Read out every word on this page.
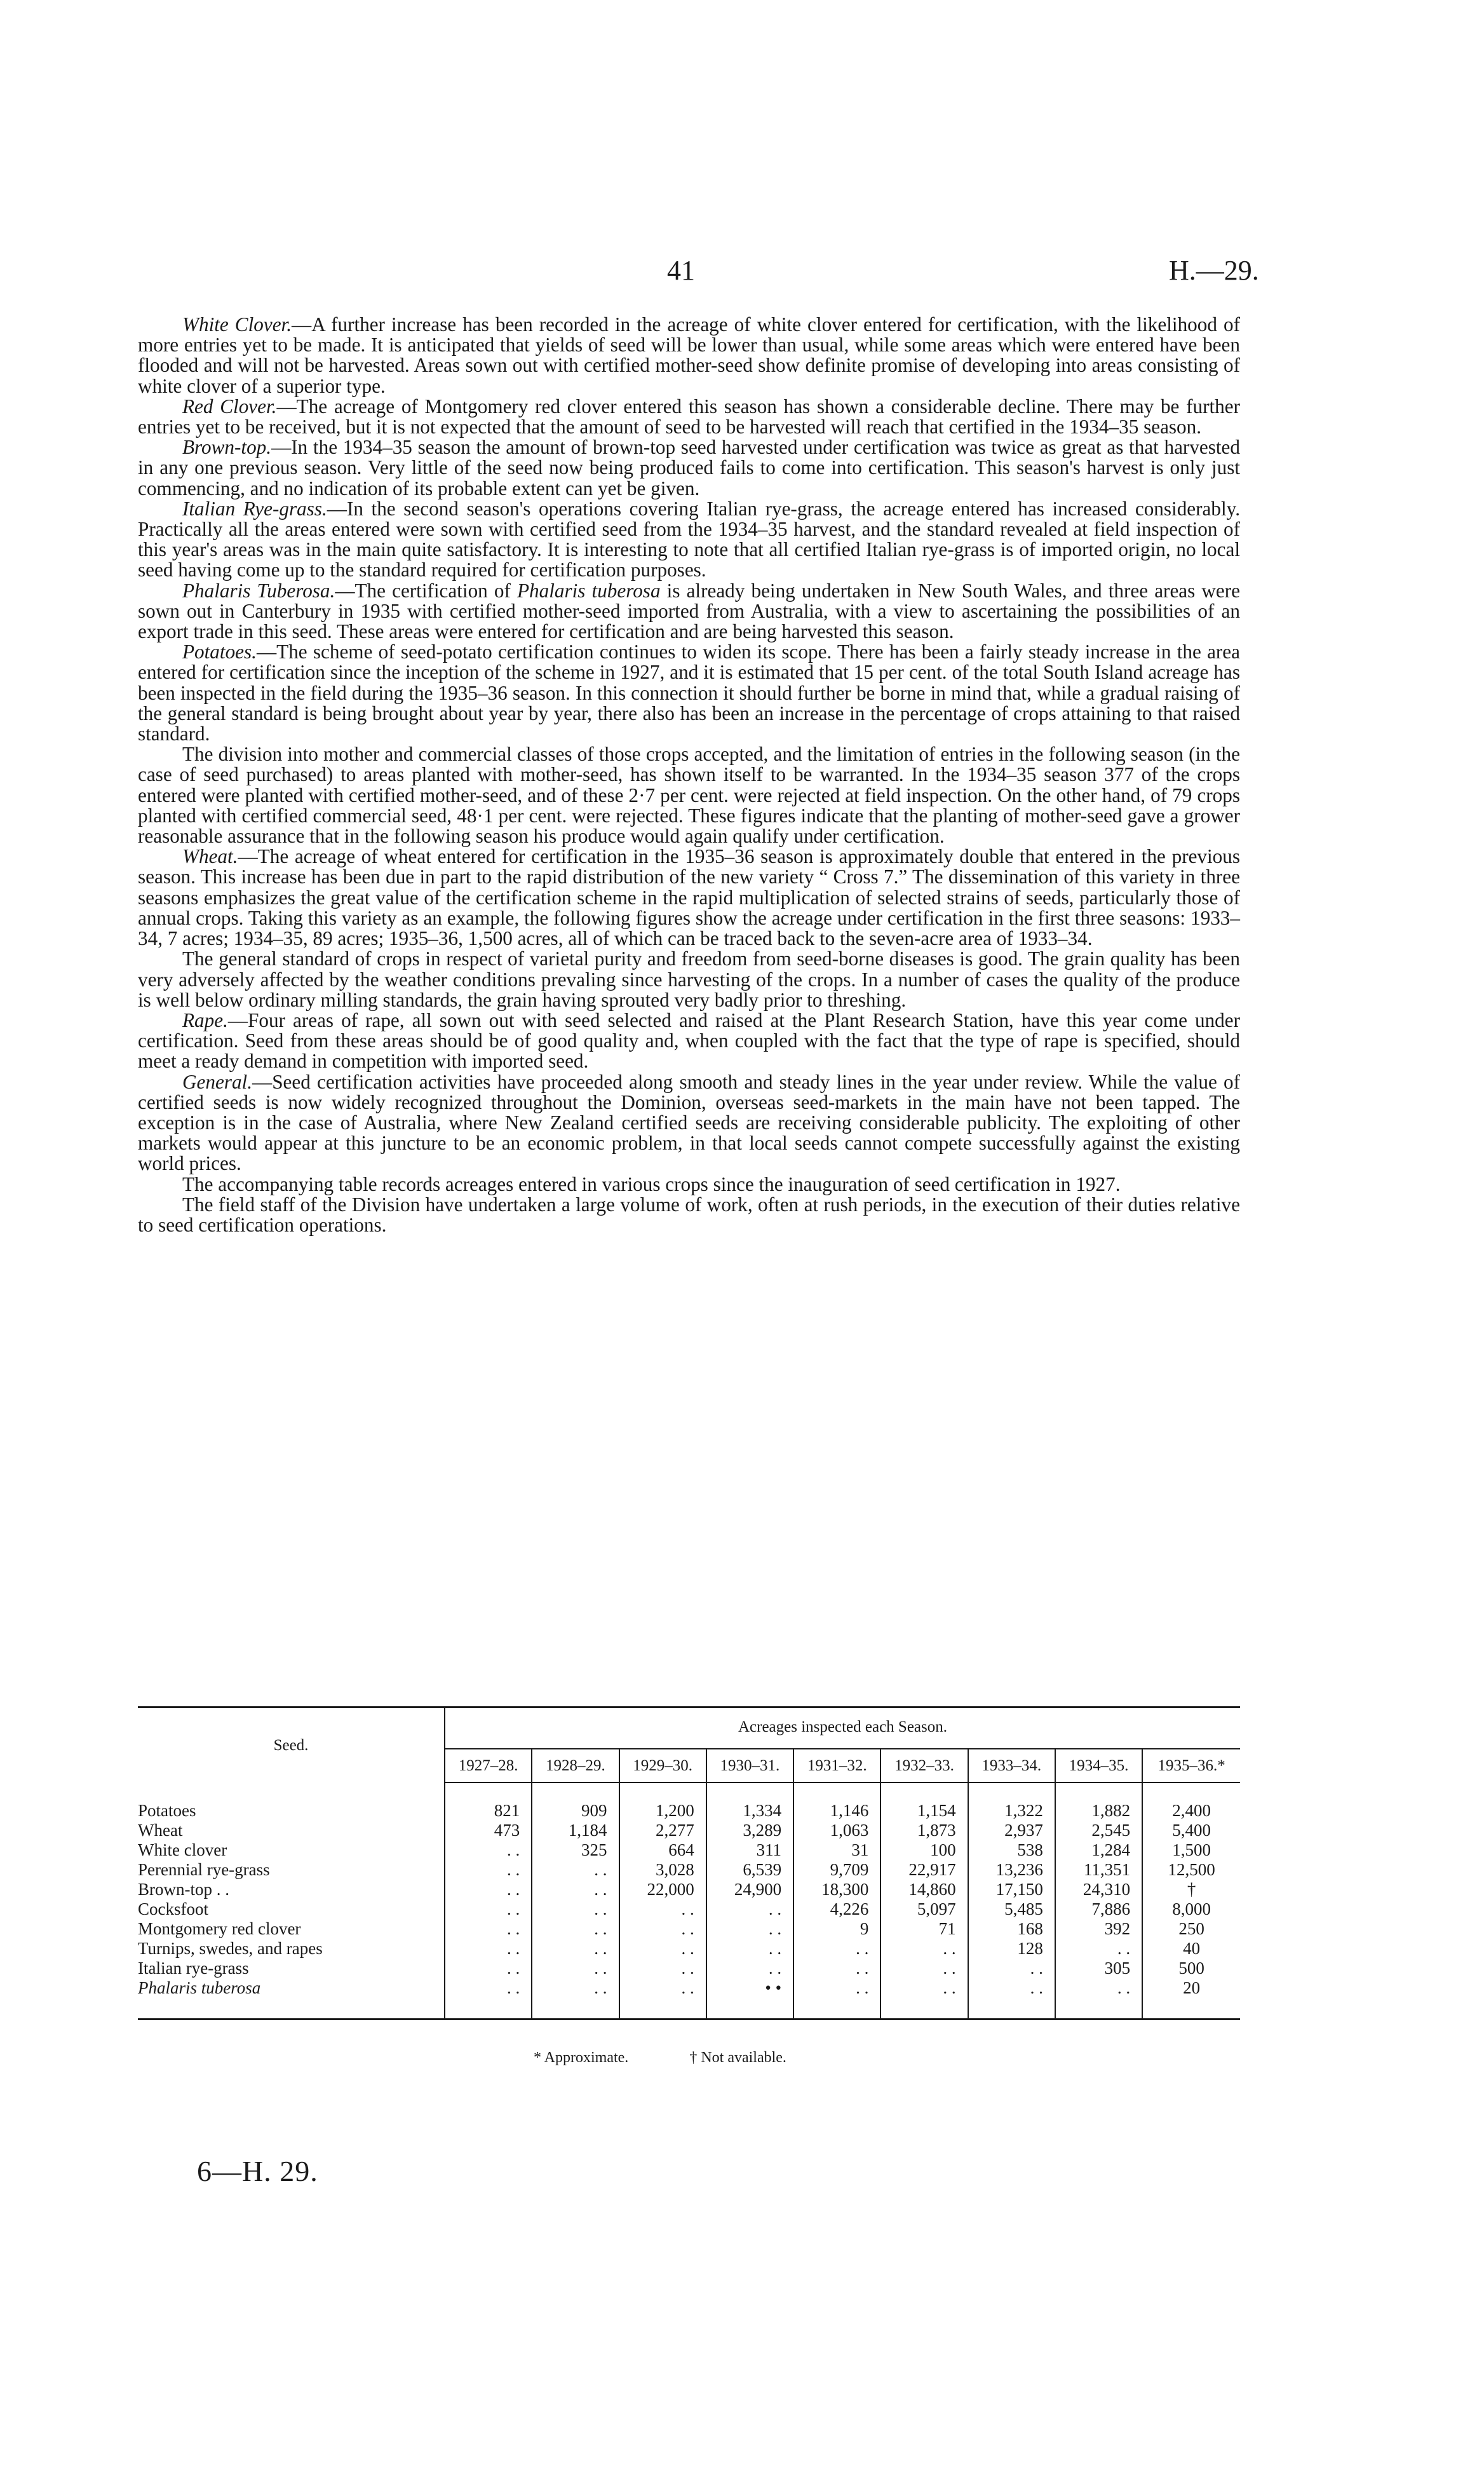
41	H.—29.

White Clover.—A further increase has been recorded in the acreage of white clover entered for certification, with the likelihood of more entries yet to be made. It is anticipated that yields of seed will be lower than usual, while some areas which were entered have been flooded and will not be harvested. Areas sown out with certified mother-seed show definite promise of developing into areas consisting of white clover of a superior type.

Red Clover.—The acreage of Montgomery red clover entered this season has shown a considerable decline. There may be further entries yet to be received, but it is not expected that the amount of seed to be harvested will reach that certified in the 1934–35 season.

Brown-top.—In the 1934–35 season the amount of brown-top seed harvested under certification was twice as great as that harvested in any one previous season. Very little of the seed now being produced fails to come into certification. This season's harvest is only just commencing, and no indication of its probable extent can yet be given.

Italian Rye-grass.—In the second season's operations covering Italian rye-grass, the acreage entered has increased considerably. Practically all the areas entered were sown with certified seed from the 1934–35 harvest, and the standard revealed at field inspection of this year's areas was in the main quite satisfactory. It is interesting to note that all certified Italian rye-grass is of imported origin, no local seed having come up to the standard required for certification purposes.

Phalaris Tuberosa.—The certification of Phalaris tuberosa is already being undertaken in New South Wales, and three areas were sown out in Canterbury in 1935 with certified mother-seed imported from Australia, with a view to ascertaining the possibilities of an export trade in this seed. These areas were entered for certification and are being harvested this season.

Potatoes.—The scheme of seed-potato certification continues to widen its scope. There has been a fairly steady increase in the area entered for certification since the inception of the scheme in 1927, and it is estimated that 15 per cent. of the total South Island acreage has been inspected in the field during the 1935–36 season. In this connection it should further be borne in mind that, while a gradual raising of the general standard is being brought about year by year, there also has been an increase in the percentage of crops attaining to that raised standard.

The division into mother and commercial classes of those crops accepted, and the limitation of entries in the following season (in the case of seed purchased) to areas planted with mother-seed, has shown itself to be warranted. In the 1934–35 season 377 of the crops entered were planted with certified mother-seed, and of these 2·7 per cent. were rejected at field inspection. On the other hand, of 79 crops planted with certified commercial seed, 48·1 per cent. were rejected. These figures indicate that the planting of mother-seed gave a grower reasonable assurance that in the following season his produce would again qualify under certification.

Wheat.—The acreage of wheat entered for certification in the 1935–36 season is approximately double that entered in the previous season. This increase has been due in part to the rapid distribution of the new variety “ Cross 7.” The dissemination of this variety in three seasons emphasizes the great value of the certification scheme in the rapid multiplication of selected strains of seeds, particularly those of annual crops. Taking this variety as an example, the following figures show the acreage under certification in the first three seasons: 1933–34, 7 acres; 1934–35, 89 acres; 1935–36, 1,500 acres, all of which can be traced back to the seven-acre area of 1933–34.

The general standard of crops in respect of varietal purity and freedom from seed-borne diseases is good. The grain quality has been very adversely affected by the weather conditions prevaling since harvesting of the crops. In a number of cases the quality of the produce is well below ordinary milling standards, the grain having sprouted very badly prior to threshing.

Rape.—Four areas of rape, all sown out with seed selected and raised at the Plant Research Station, have this year come under certification. Seed from these areas should be of good quality and, when coupled with the fact that the type of rape is specified, should meet a ready demand in competition with imported seed.

General.—Seed certification activities have proceeded along smooth and steady lines in the year under review. While the value of certified seeds is now widely recognized throughout the Dominion, overseas seed-markets in the main have not been tapped. The exception is in the case of Australia, where New Zealand certified seeds are receiving considerable publicity. The exploiting of other markets would appear at this juncture to be an economic problem, in that local seeds cannot compete successfully against the existing world prices.

The accompanying table records acreages entered in various crops since the inauguration of seed certification in 1927.

The field staff of the Division have undertaken a large volume of work, often at rush periods, in the execution of their duties relative to seed certification operations.

Seed.	Acreages inspected each Season.								
	1927–28.	1928–29.	1929–30.	1930–31.	1931–32.	1932–33.	1933–34.	1934–35.	1935–36.*

Potatoes	821	909	1,200	1,334	1,146	1,154	1,322	1,882	2,400
Wheat	473	1,184	2,277	3,289	1,063	1,873	2,937	2,545	5,400
White clover	. .	325	664	311	31	100	538	1,284	1,500
Perennial rye-grass	. .	. .	3,028	6,539	9,709	22,917	13,236	11,351	12,500
Brown-top . .	. .	. .	22,000	24,900	18,300	14,860	17,150	24,310	†
Cocksfoot	. .	. .	. .	. .	4,226	5,097	5,485	7,886	8,000
Montgomery red clover	. .	. .	. .	. .	9	71	168	392	250
Turnips, swedes, and rapes	. .	. .	. .	. .	. .	. .	128	. .	40
Italian rye-grass	. .	. .	. .	. .	. .	. .	. .	305	500
Phalaris tuberosa	. .	. .	. .	• •	. .	. .	. .	. .	20

* Approximate.	† Not available.
6—H. 29.
